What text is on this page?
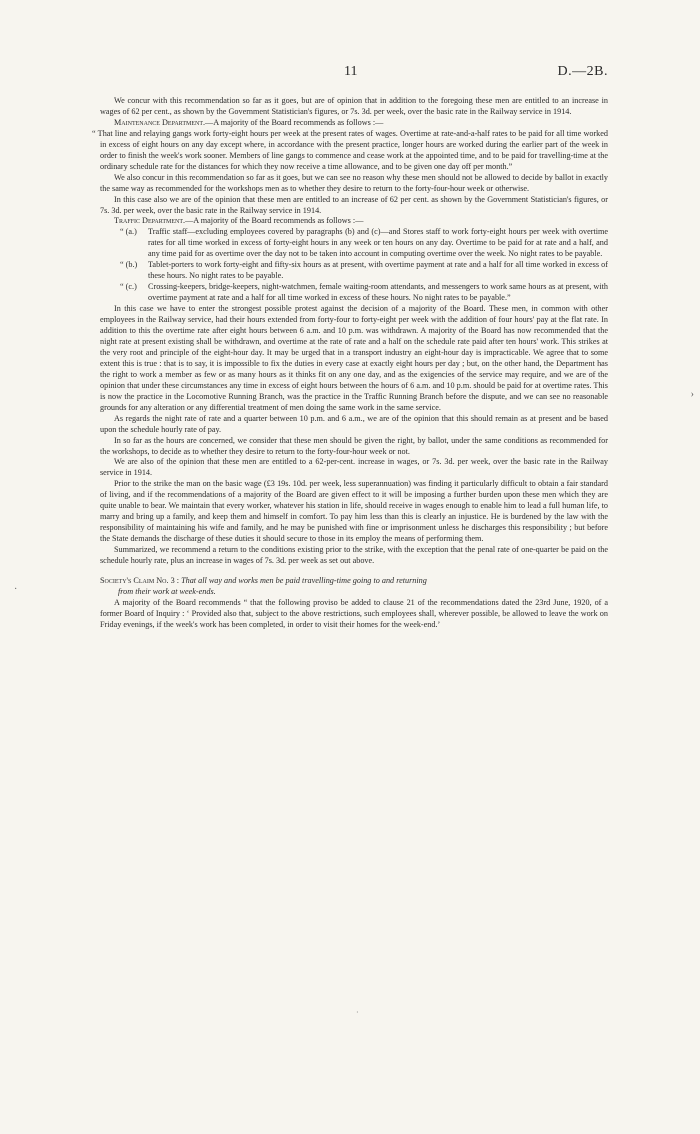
11	D.—2B.

We concur with this recommendation so far as it goes, but are of opinion that in addition to the foregoing these men are entitled to an increase in wages of 62 per cent., as shown by the Government Statistician's figures, or 7s. 3d. per week, over the basic rate in the Railway service in 1914.

Maintenance Department.—A majority of the Board recommends as follows :—

“ That line and relaying gangs work forty-eight hours per week at the present rates of wages. Overtime at rate-and-a-half rates to be paid for all time worked in excess of eight hours on any day except where, in accordance with the present practice, longer hours are worked during the earlier part of the week in order to finish the week's work sooner. Members of line gangs to commence and cease work at the appointed time, and to be paid for travelling-time at the ordinary schedule rate for the distances for which they now receive a time allowance, and to be given one day off per month.”

We also concur in this recommendation so far as it goes, but we can see no reason why these men should not be allowed to decide by ballot in exactly the same way as recommended for the workshops men as to whether they desire to return to the forty-four-hour week or otherwise.

In this case also we are of the opinion that these men are entitled to an increase of 62 per cent. as shown by the Government Statistician's figures, or 7s. 3d. per week, over the basic rate in the Railway service in 1914.

Traffic Department.—A majority of the Board recommends as follows :—

“ (a.)	Traffic staff—excluding employees covered by paragraphs (b) and (c)—and Stores staff to work forty-eight hours per week with overtime rates for all time worked in excess of forty-eight hours in any week or ten hours on any day. Overtime to be paid for at rate and a half, and any time paid for as overtime over the day not to be taken into account in computing overtime over the week. No night rates to be payable.
“ (b.)	Tablet-porters to work forty-eight and fifty-six hours as at present, with overtime payment at rate and a half for all time worked in excess of these hours. No night rates to be payable.
“ (c.)	Crossing-keepers, bridge-keepers, night-watchmen, female waiting-room attendants, and messengers to work same hours as at present, with overtime payment at rate and a half for all time worked in excess of these hours. No night rates to be payable.”

In this case we have to enter the strongest possible protest against the decision of a majority of the Board. These men, in common with other employees in the Railway service, had their hours extended from forty-four to forty-eight per week with the addition of four hours' pay at the flat rate. In addition to this the overtime rate after eight hours between 6 a.m. and 10 p.m. was withdrawn. A majority of the Board has now recommended that the night rate at present existing shall be withdrawn, and overtime at the rate of rate and a half on the schedule rate paid after ten hours' work. This strikes at the very root and principle of the eight-hour day. It may be urged that in a transport industry an eight-hour day is impracticable. We agree that to some extent this is true : that is to say, it is impossible to fix the duties in every case at exactly eight hours per day ; but, on the other hand, the Department has the right to work a member as few or as many hours as it thinks fit on any one day, and as the exigencies of the service may require, and we are of the opinion that under these circumstances any time in excess of eight hours between the hours of 6 a.m. and 10 p.m. should be paid for at overtime rates. This is now the practice in the Locomotive Running Branch, was the practice in the Traffic Running Branch before the dispute, and we can see no reasonable grounds for any alteration or any differential treatment of men doing the same work in the same service.

As regards the night rate of rate and a quarter between 10 p.m. and 6 a.m., we are of the opinion that this should remain as at present and be based upon the schedule hourly rate of pay.

In so far as the hours are concerned, we consider that these men should be given the right, by ballot, under the same conditions as recommended for the workshops, to decide as to whether they desire to return to the forty-four-hour week or not.

We are also of the opinion that these men are entitled to a 62-per-cent. increase in wages, or 7s. 3d. per week, over the basic rate in the Railway service in 1914.

Prior to the strike the man on the basic wage (£3 19s. 10d. per week, less superannuation) was finding it particularly difficult to obtain a fair standard of living, and if the recommendations of a majority of the Board are given effect to it will be imposing a further burden upon these men which they are quite unable to bear. We maintain that every worker, whatever his station in life, should receive in wages enough to enable him to lead a full human life, to marry and bring up a family, and keep them and himself in comfort. To pay him less than this is clearly an injustice. He is burdened by the law with the responsibility of maintaining his wife and family, and he may be punished with fine or imprisonment unless he discharges this responsibility ; but before the State demands the discharge of these duties it should secure to those in its employ the means of performing them.

Summarized, we recommend a return to the conditions existing prior to the strike, with the exception that the penal rate of one-quarter be paid on the schedule hourly rate, plus an increase in wages of 7s. 3d. per week as set out above.

Society's Claim No. 3 : That all way and works men be paid travelling-time going to and returning
from their work at week-ends.

A majority of the Board recommends “ that the following proviso be added to clause 21 of the recommendations dated the 23rd June, 1920, of a former Board of Inquiry : ‘ Provided also that, subject to the above restrictions, such employees shall, wherever possible, be allowed to leave the work on Friday evenings, if the week's work has been completed, in order to visit their homes for the week-end.’

›
·
·
